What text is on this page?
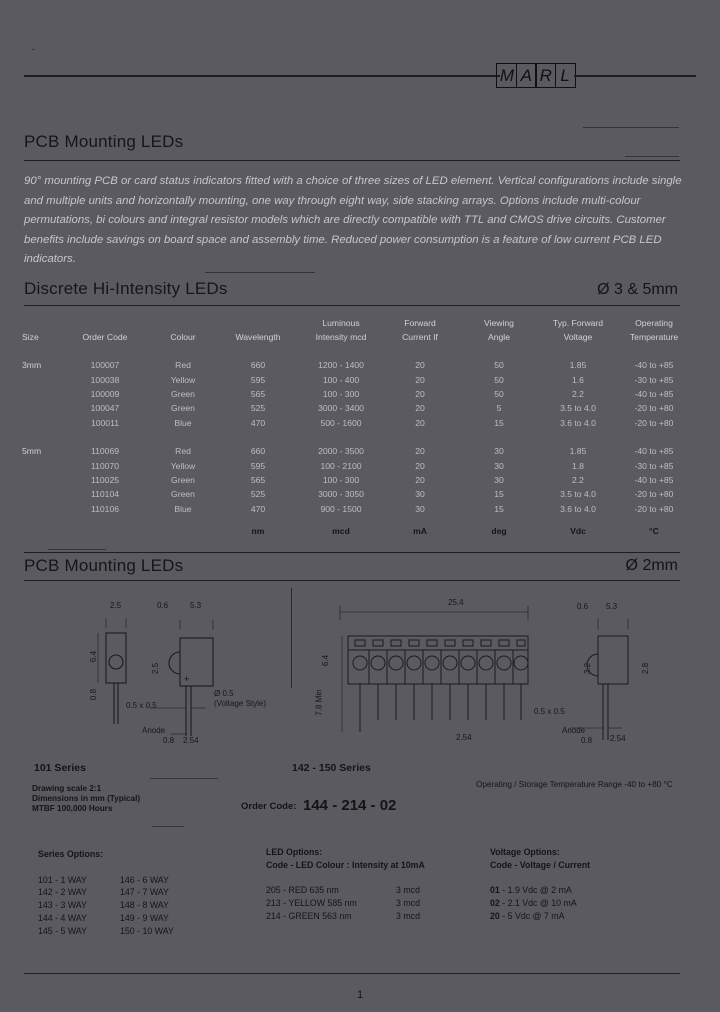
-
M A R L
PCB Mounting LEDs
90° mounting PCB or card status indicators fitted with a choice of three sizes of LED element. Vertical configurations include single and multiple units and horizontally mounting, one way through eight way, side stacking arrays. Options include multi-colour permutations, bi colours and integral resistor models which are directly compatible with TTL and CMOS drive circuits. Customer benefits include savings on board space and assembly time. Reduced power consumption is a feature of low current PCB LED indicators.
Discrete Hi-Intensity LEDs	Ø 3 & 5mm
				Luminous	Forward	Viewing	Typ. Forward	Operating
Size	Order Code	Colour	Wavelength	Intensity mcd	Current If	Angle	Voltage	Temperature

3mm	100007	Red	660	1200 - 1400	20	50	1.85	-40 to +85
	100038	Yellow	595	100 - 400	20	50	1.6	-30 to +85
	100009	Green	565	100 - 300	20	50	2.2	-40 to +85
	100047	Green	525	3000 - 3400	20	5	3.5 to 4.0	-20 to +80
	100011	Blue	470	500 - 1600	20	15	3.6 to 4.0	-20 to +80

5mm	110069	Red	660	2000 - 3500	20	30	1.85	-40 to +85
	110070	Yellow	595	100 - 2100	20	30	1.8	-30 to +85
	110025	Green	565	100 - 300	20	30	2.2	-40 to +85
	110104	Green	525	3000 - 3050	30	15	3.5 to 4.0	-20 to +80
	110106	Blue	470	900 - 1500	30	15	3.6 to 4.0	-20 to +80
			nm	mcd	mA	deg	Vdc	°C
PCB Mounting LEDs	Ø 2mm
+
2.5	0.6	5.3
6.4
2.5
Ø 0.5
(Voltage Style)
0.5 x 0.5
Anode
0.8 2.54
0.8
25.4
6.4
7.8 Min	0.5 x 0.5
2.54
0.6 5.3
3.2	2.8
Anode
0.8 2.54
101 Series	142 - 150 Series
Operating / Storage Temperature Range -40 to +80 °C
Drawing scale 2:1
Dimensions in mm (Typical)
MTBF 100,000 Hours	Order Code: 144 - 214 - 02
Series Options:
101 - 1 WAY	146 - 6 WAY
142 - 2 WAY	147 - 7 WAY
143 - 3 WAY	148 - 8 WAY
144 - 4 WAY	149 - 9 WAY
145 - 5 WAY	150 - 10 WAY
LED Options:
Code - LED Colour : Intensity at 10mA
205 - RED 635 nm	3 mcd
213 - YELLOW 585 nm	3 mcd
214 - GREEN 563 nm	3 mcd
Voltage Options:
Code - Voltage / Current
01 - 1.9 Vdc @ 2 mA
02 - 2.1 Vdc @ 10 mA
20 - 5 Vdc @ 7 mA
1
